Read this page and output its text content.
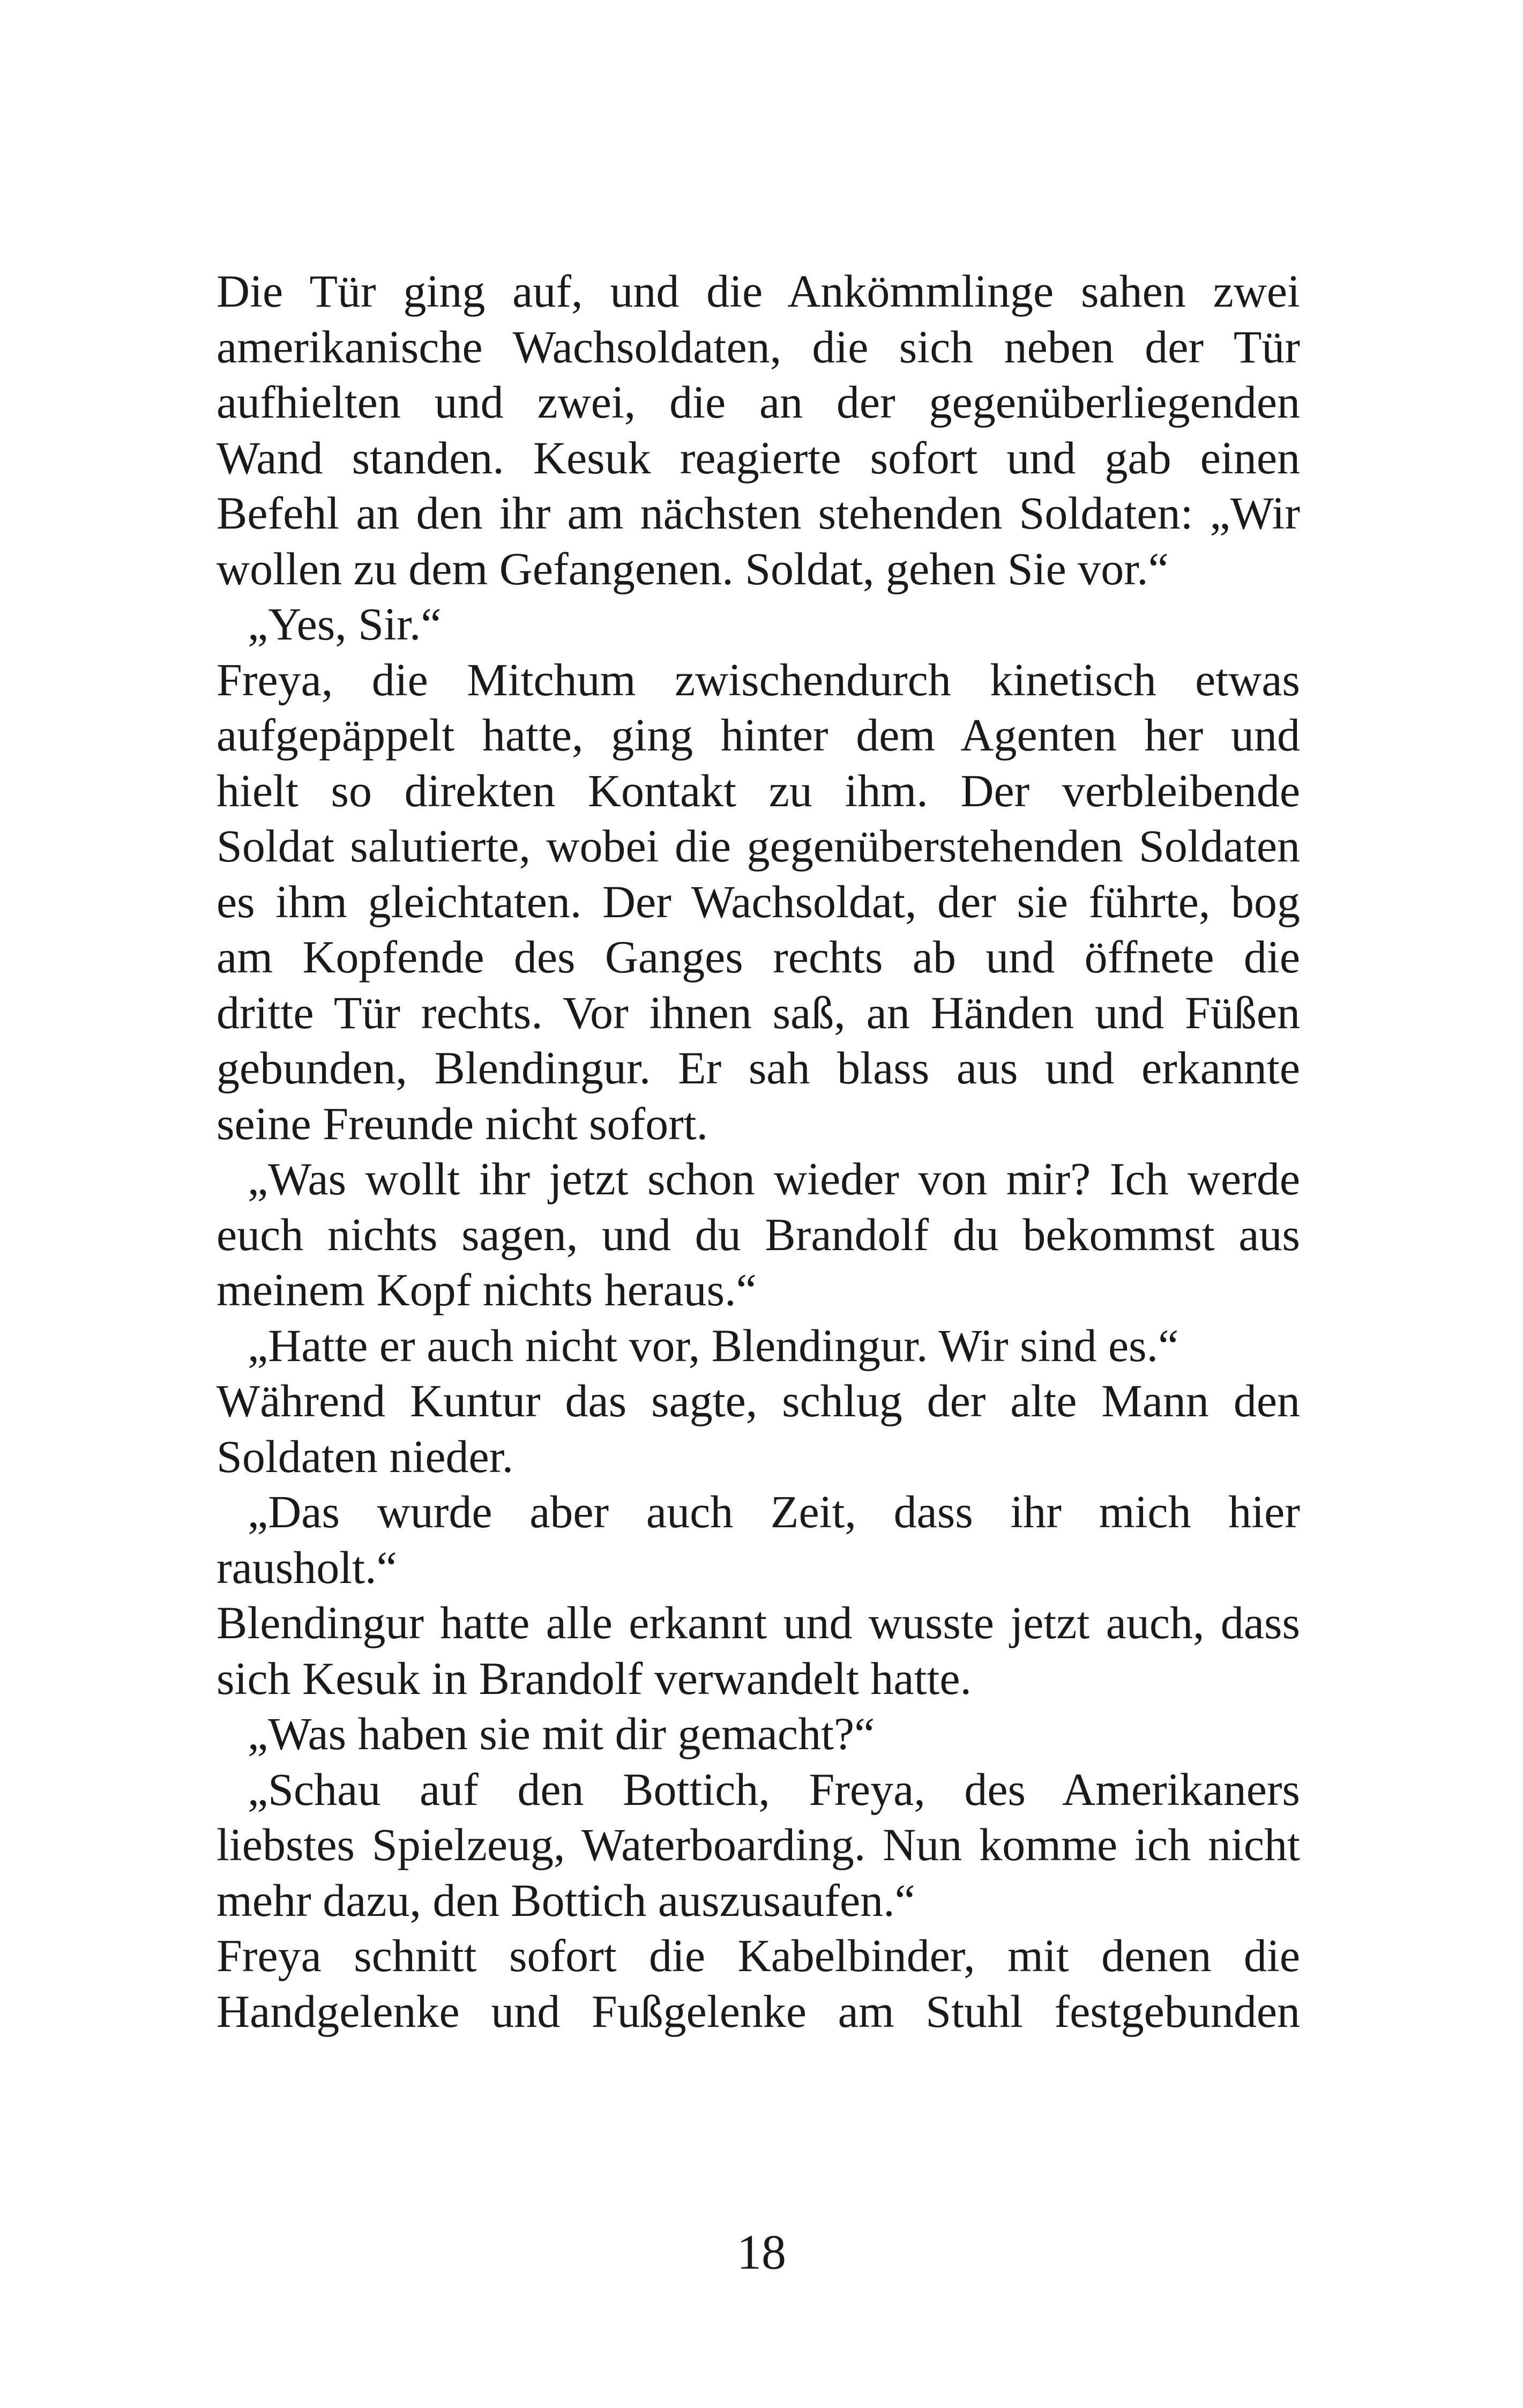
Die Tür ging auf, und die Ankömmlinge sahen zwei
amerikanische Wachsoldaten, die sich neben der Tür
aufhielten und zwei, die an der gegenüberliegenden
Wand standen. Kesuk reagierte sofort und gab einen
Befehl an den ihr am nächsten stehenden Soldaten: „Wir
wollen zu dem Gefangenen. Soldat, gehen Sie vor.“
„Yes, Sir.“
Freya, die Mitchum zwischendurch kinetisch etwas
aufgepäppelt hatte, ging hinter dem Agenten her und
hielt so direkten Kontakt zu ihm. Der verbleibende
Soldat salutierte, wobei die gegenüberstehenden Soldaten
es ihm gleichtaten. Der Wachsoldat, der sie führte, bog
am Kopfende des Ganges rechts ab und öffnete die
dritte Tür rechts. Vor ihnen saß, an Händen und Füßen
gebunden, Blendingur. Er sah blass aus und erkannte
seine Freunde nicht sofort.
„Was wollt ihr jetzt schon wieder von mir? Ich werde
euch nichts sagen, und du Brandolf du bekommst aus
meinem Kopf nichts heraus.“
„Hatte er auch nicht vor, Blendingur. Wir sind es.“
Während Kuntur das sagte, schlug der alte Mann den
Soldaten nieder.
„Das wurde aber auch Zeit, dass ihr mich hier
rausholt.“
Blendingur hatte alle erkannt und wusste jetzt auch, dass
sich Kesuk in Brandolf verwandelt hatte.
„Was haben sie mit dir gemacht?“
„Schau auf den Bottich, Freya, des Amerikaners
liebstes Spielzeug, Waterboarding. Nun komme ich nicht
mehr dazu, den Bottich auszusaufen.“
Freya schnitt sofort die Kabelbinder, mit denen die
Handgelenke und Fußgelenke am Stuhl festgebunden
18
